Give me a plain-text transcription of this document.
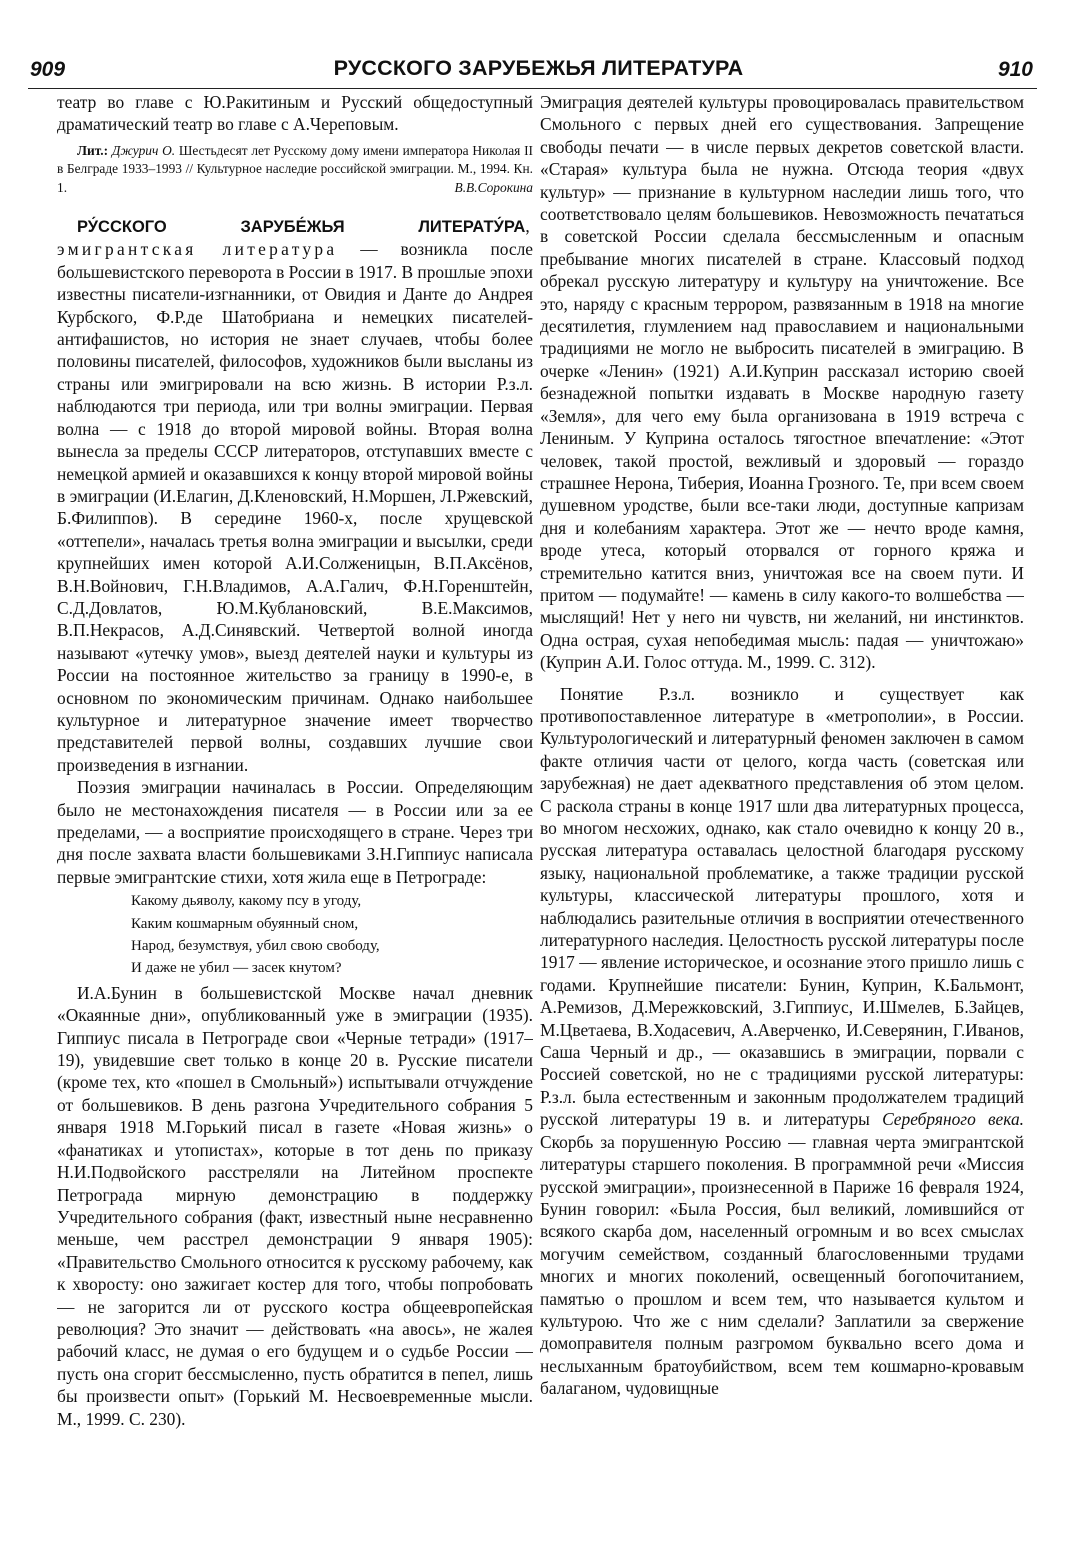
909	РУССКОГО ЗАРУБЕЖЬЯ ЛИТЕРАТУРА	910

театр во главе с Ю.Ракитиным и Русский общедоступный драматический театр во главе с А.Череповым.

Лит.: Джурич О. Шестьдесят лет Русскому дому имени императора Николая II в Белграде 1933–1993 // Культурное наследие российской эмиграции. М., 1994. Кн. 1.	В.В.Сорокина

РУ́ССКОГО ЗАРУБЕ́ЖЬЯ ЛИТЕРАТУ́РА, эмигрантская литература — возникла после большевистского переворота в России в 1917. В прошлые эпохи известны писатели-изгнанники, от Овидия и Данте до Андрея Курбского, Ф.Р.де Шатобриана и немецких писателей-антифашистов, но история не знает случаев, чтобы более половины писателей, философов, художников были высланы из страны или эмигрировали на всю жизнь. В истории Р.з.л. наблюдаются три периода, или три волны эмиграции. Первая волна — с 1918 до второй мировой войны. Вторая волна вынесла за пределы СССР литераторов, отступавших вместе с немецкой армией и оказавшихся к концу второй мировой войны в эмиграции (И.Елагин, Д.Кленовский, Н.Моршен, Л.Ржевский, Б.Филиппов). В середине 1960-х, после хрущевской «оттепели», началась третья волна эмиграции и высылки, среди крупнейших имен которой А.И.Солженицын, В.П.Аксёнов, В.Н.Войнович, Г.Н.Владимов, А.А.Галич, Ф.Н.Горенштейн, С.Д.Довлатов, Ю.М.Кублановский, В.Е.Максимов, В.П.Некрасов, А.Д.Синявский. Четвертой волной иногда называют «утечку умов», выезд деятелей науки и культуры из России на постоянное жительство за границу в 1990-е, в основном по экономическим причинам. Однако наибольшее культурное и литературное значение имеет творчество представителей первой волны, создавших лучшие свои произведения в изгнании.

Поэзия эмиграции начиналась в России. Определяющим было не местонахождения писателя — в России или за ее пределами, — а восприятие происходящего в стране. Через три дня после захвата власти большевиками З.Н.Гиппиус написала первые эмигрантские стихи, хотя жила еще в Петрограде:

Какому дьяволу, какому псу в угоду,
Каким кошмарным обуянный сном,
Народ, безумствуя, убил свою свободу,
И даже не убил — засек кнутом?

И.А.Бунин в большевистской Москве начал дневник «Окаянные дни», опубликованный уже в эмиграции (1935). Гиппиус писала в Петрограде свои «Черные тетради» (1917–19), увидевшие свет только в конце 20 в. Русские писатели (кроме тех, кто «пошел в Смольный») испытывали отчуждение от большевиков. В день разгона Учредительного собрания 5 января 1918 М.Горький писал в газете «Новая жизнь» о «фанатиках и утопистах», которые в тот день по приказу Н.И.Подвойского расстреляли на Литейном проспекте Петрограда мирную демонстрацию в поддержку Учредительного собрания (факт, известный ныне несравненно меньше, чем расстрел демонстрации 9 января 1905): «Правительство Смольного относится к русскому рабочему, как к хворосту: оно зажигает костер для того, чтобы попробовать — не загорится ли от русского костра общеевропейская революция? Это значит — действовать «на авось», не жалея рабочий класс, не думая о его будущем и о судьбе России — пусть она сгорит бессмысленно, пусть обратится в пепел, лишь бы произвести опыт» (Горький М. Несвоевременные мысли. М., 1999. С. 230).

Эмиграция деятелей культуры провоцировалась правительством Смольного с первых дней его существования. Запрещение свободы печати — в числе первых декретов советской власти. «Старая» культура была не нужна. Отсюда теория «двух культур» — признание в культурном наследии лишь того, что соответствовало целям большевиков. Невозможность печататься в советской России сделала бессмысленным и опасным пребывание многих писателей в стране. Классовый подход обрекал русскую литературу и культуру на уничтожение. Все это, наряду с красным террором, развязанным в 1918 на многие десятилетия, глумлением над православием и национальными традициями не могло не выбросить писателей в эмиграцию. В очерке «Ленин» (1921) А.И.Куприн рассказал историю своей безнадежной попытки издавать в Москве народную газету «Земля», для чего ему была организована в 1919 встреча с Лениным. У Куприна осталось тягостное впечатление: «Этот человек, такой простой, вежливый и здоровый — гораздо страшнее Нерона, Тиберия, Иоанна Грозного. Те, при всем своем душевном уродстве, были все-таки люди, доступные капризам дня и колебаниям характера. Этот же — нечто вроде камня, вроде утеса, который оторвался от горного кряжа и стремительно катится вниз, уничтожая все на своем пути. И притом — подумайте! — камень в силу какого-то волшебства — мыслящий! Нет у него ни чувств, ни желаний, ни инстинктов. Одна острая, сухая непобедимая мысль: падая — уничтожаю» (Куприн А.И. Голос оттуда. М., 1999. С. 312).

Понятие Р.з.л. возникло и существует как противопоставленное литературе в «метрополии», в России. Культурологический и литературный феномен заключен в самом факте отличия части от целого, когда часть (советская или зарубежная) не дает адекватного представления об этом целом. С раскола страны в конце 1917 шли два литературных процесса, во многом несхожих, однако, как стало очевидно к концу 20 в., русская литература оставалась целостной благодаря русскому языку, национальной проблематике, а также традиции русской культуры, классической литературы прошлого, хотя и наблюдались разительные отличия в восприятии отечественного литературного наследия. Целостность русской литературы после 1917 — явление историческое, и осознание этого пришло лишь с годами. Крупнейшие писатели: Бунин, Куприн, К.Бальмонт, А.Ремизов, Д.Мережковский, З.Гиппиус, И.Шмелев, Б.Зайцев, М.Цветаева, В.Ходасевич, А.Аверченко, И.Северянин, Г.Иванов, Саша Черный и др., — оказавшись в эмиграции, порвали с Россией советской, но не с традициями русской литературы: Р.з.л. была естественным и законным продолжателем традиций русской литературы 19 в. и литературы Серебряного века. Скорбь за порушенную Россию — главная черта эмигрантской литературы старшего поколения. В программной речи «Миссия русской эмиграции», произнесенной в Париже 16 февраля 1924, Бунин говорил: «Была Россия, был великий, ломившийся от всякого скарба дом, населенный огромным и во всех смыслах могучим семейством, созданный благословенными трудами многих и многих поколений, освещенный богопочитанием, памятью о прошлом и всем тем, что называется культом и культурою. Что же с ним сделали? Заплатили за свержение домоправителя полным разгромом буквально всего дома и неслыханным братоубийством, всем тем кошмарно-кровавым балаганом, чудовищные
